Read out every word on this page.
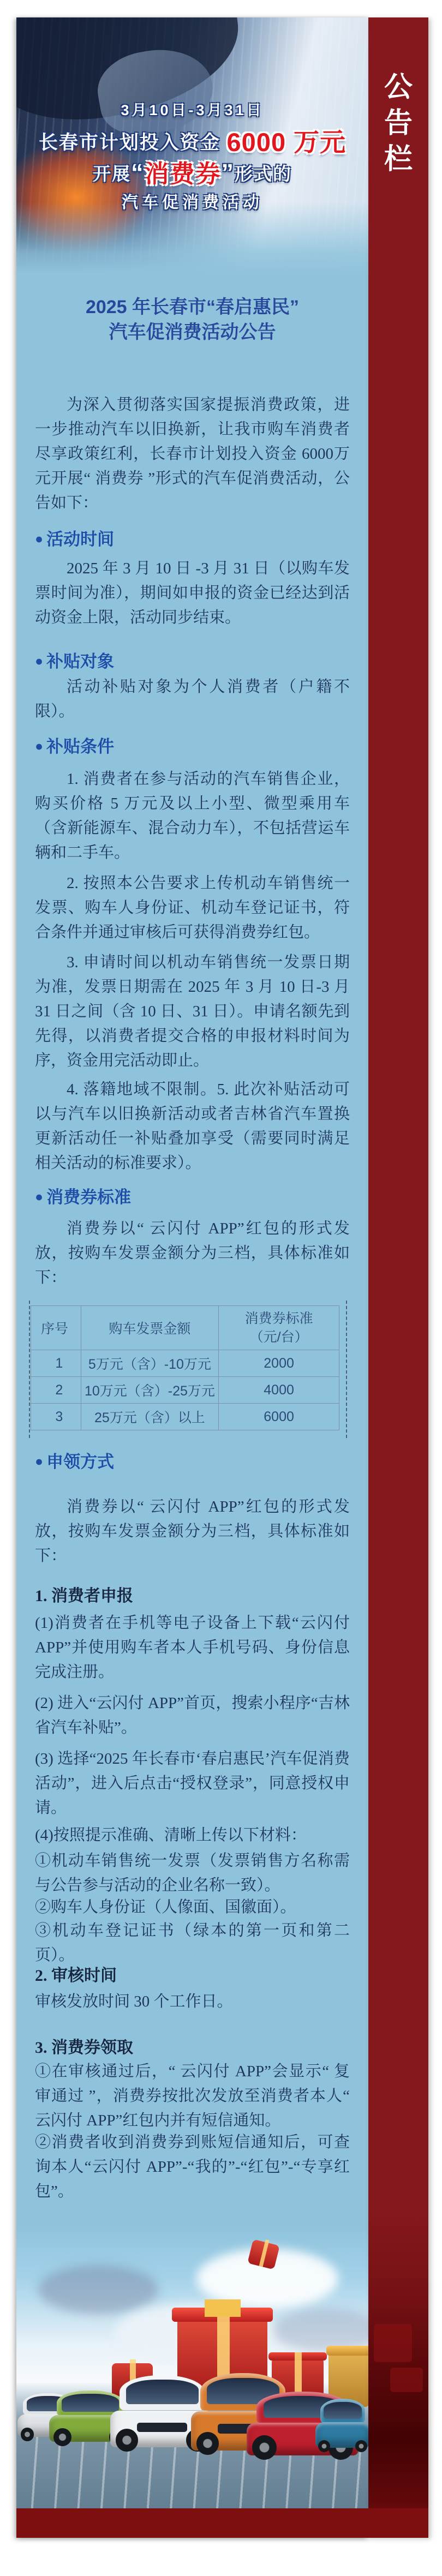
3月10日-3月31日
长春市计划投入资金 6000 万元
开展“消费券”形式的
汽车促消费活动
2025 年长春市“春启惠民”
汽车促消费活动公告
为深入贯彻落实国家提振消费政策，进一步推动汽车以旧换新，让我市购车消费者尽享政策红利，长春市计划投入资金 6000万元开展“ 消费券 ”形式的汽车促消费活动，公告如下：
● 活动时间
2025 年 3 月 10 日 -3 月 31 日（以购车发票时间为准），期间如申报的资金已经达到活动资金上限，活动同步结束。
● 补贴对象
活动补贴对象为个人消费者（户籍不限）。
● 补贴条件
1. 消费者在参与活动的汽车销售企业，购买价格 5 万元及以上小型、微型乘用车（含新能源车、混合动力车），不包括营运车辆和二手车。
2. 按照本公告要求上传机动车销售统一发票、购车人身份证、机动车登记证书，符合条件并通过审核后可获得消费券红包。
3. 申请时间以机动车销售统一发票日期为准，发票日期需在 2025 年 3 月 10 日-3 月 31 日之间（含 10 日、31 日）。申请名额先到先得，以消费者提交合格的申报材料时间为序，资金用完活动即止。
4. 落籍地域不限制。5. 此次补贴活动可以与汽车以旧换新活动或者吉林省汽车置换更新活动任一补贴叠加享受（需要同时满足相关活动的标准要求）。
● 消费券标准
消费券以“ 云闪付 APP”红包的形式发放，按购车发票金额分为三档，具体标准如下：
序号	购车发票金额	消费券标准
（元/台）

1	5万元（含）-10万元	2000
2	10万元（含）-25万元	4000
3	25万元（含）以上	6000
● 申领方式
消费券以“ 云闪付 APP”红包的形式发放，按购车发票金额分为三档，具体标准如下：
1. 消费者申报
(1)消费者在手机等电子设备上下载“云闪付 APP”并使用购车者本人手机号码、身份信息完成注册。
(2) 进入“云闪付 APP”首页，搜索小程序“吉林省汽车补贴”。
(3) 选择“2025 年长春市‘春启惠民’汽车促消费活动”，进入后点击“授权登录”，同意授权申请。
(4)按照提示准确、清晰上传以下材料：
①机动车销售统一发票（发票销售方名称需与公告参与活动的企业名称一致）。
②购车人身份证（人像面、国徽面）。
③机动车登记证书（绿本的第一页和第二页）。
2. 审核时间
审核发放时间 30 个工作日。
3. 消费券领取
①在审核通过后，“ 云闪付 APP”会显示“ 复审通过 ”，消费券按批次发放至消费者本人“ 云闪付 APP”红包内并有短信通知。
②消费者收到消费券到账短信通知后，可查询本人“云闪付 APP”-“我的”-“红包”-“专享红包”。
公
告
栏
